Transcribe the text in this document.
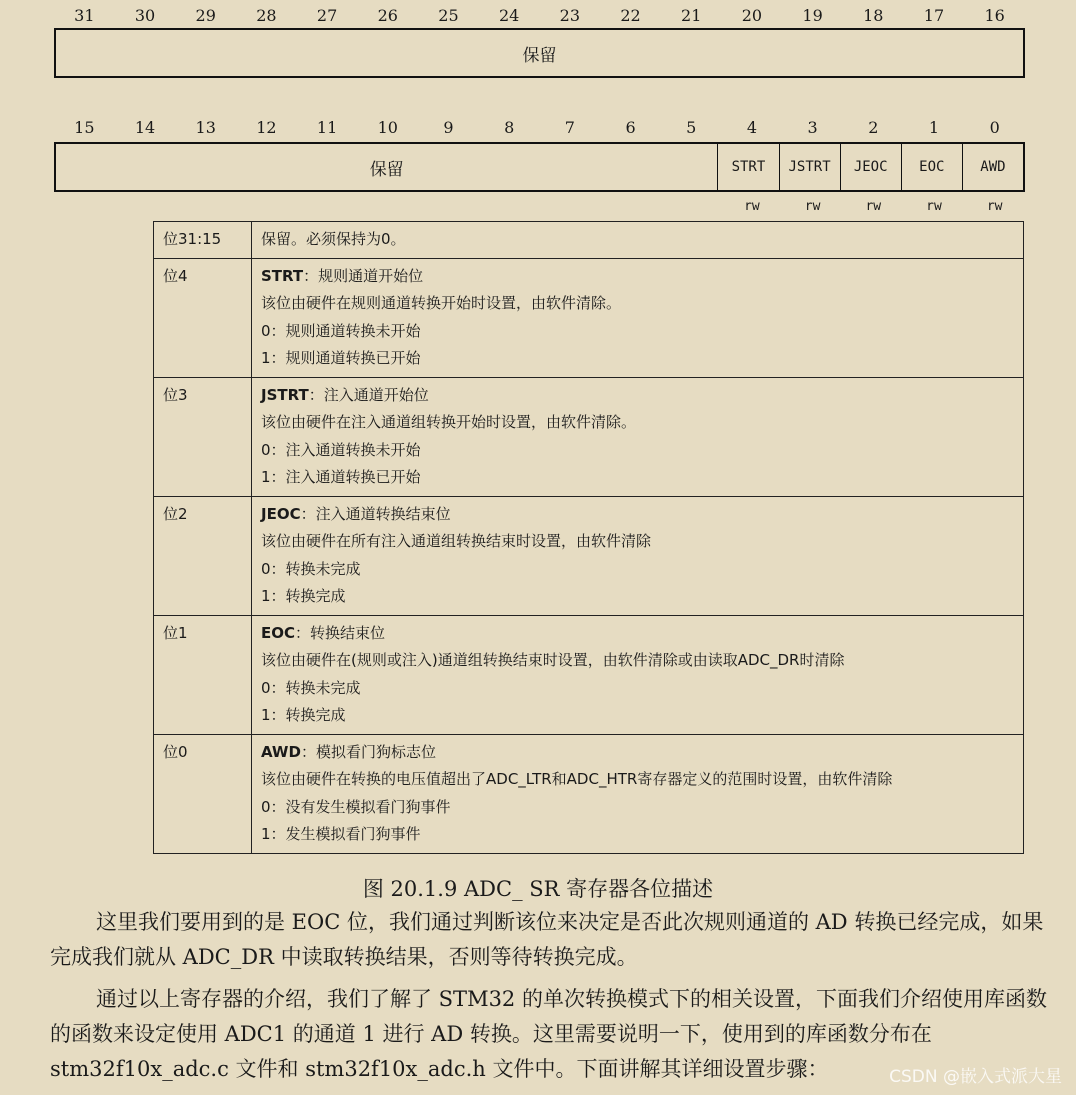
31	30	29	28	27	26	25	24	23	22	21	20	19	18	17	16
保留
15	14	13	12	11	10	9	8	7	6	5	4	3	2	1	0
保留	STRT	JSTRT	JEOC	EOC	AWD
rw	rw	rw	rw	rw
位31:15	保留。必须保持为0。

位4	STRT：规则通道开始位
该位由硬件在规则通道转换开始时设置，由软件清除。
0：规则通道转换未开始
1：规则通道转换已开始

位3	JSTRT：注入通道开始位
该位由硬件在注入通道组转换开始时设置，由软件清除。
0：注入通道转换未开始
1：注入通道转换已开始

位2	JEOC：注入通道转换结束位
该位由硬件在所有注入通道组转换结束时设置，由软件清除
0：转换未完成
1：转换完成

位1	EOC：转换结束位
该位由硬件在(规则或注入)通道组转换结束时设置，由软件清除或由读取ADC_DR时清除
0：转换未完成
1：转换完成

位0	AWD：模拟看门狗标志位
该位由硬件在转换的电压值超出了ADC_LTR和ADC_HTR寄存器定义的范围时设置，由软件清除
0：没有发生模拟看门狗事件
1：发生模拟看门狗事件
图 20.1.9 ADC_ SR 寄存器各位描述
这里我们要用到的是 EOC 位，我们通过判断该位来决定是否此次规则通道的 AD 转换已经完成，如果完成我们就从 ADC_DR 中读取转换结果，否则等待转换完成。
通过以上寄存器的介绍，我们了解了 STM32 的单次转换模式下的相关设置，下面我们介绍使用库函数的函数来设定使用 ADC1 的通道 1 进行 AD 转换。这里需要说明一下，使用到的库函数分布在 stm32f10x_adc.c 文件和 stm32f10x_adc.h 文件中。下面讲解其详细设置步骤：	CSDN @嵌入式派大星
